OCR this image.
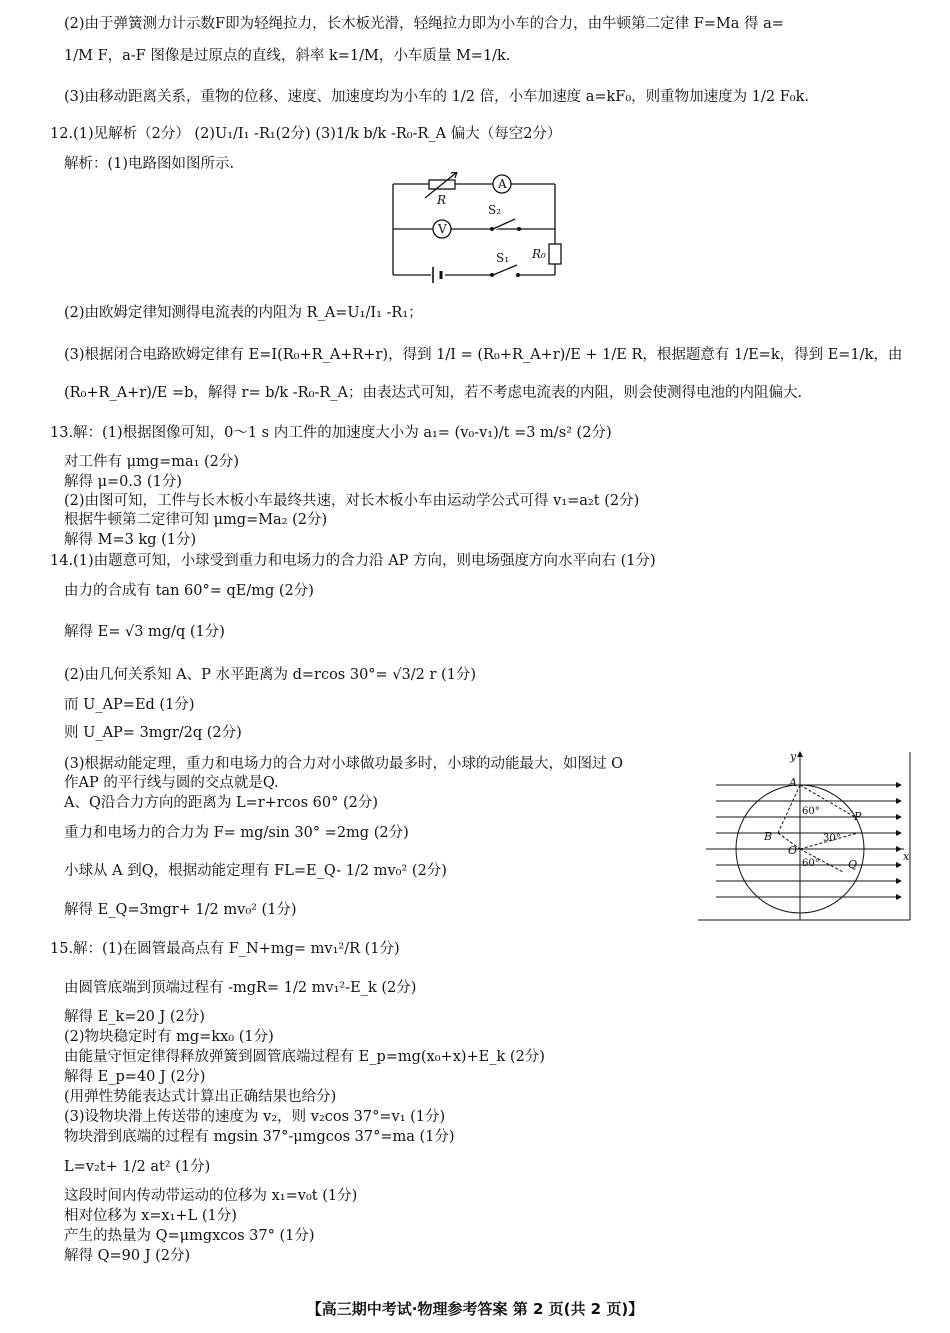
(2)由于弹簧测力计示数F即为轻绳拉力，长木板光滑，轻绳拉力即为小车的合力，由牛顿第二定律 F=Ma 得 a=
1/M F，a-F 图像是过原点的直线，斜率 k=1/M，小车质量 M=1/k.
(3)由移动距离关系，重物的位移、速度、加速度均为小车的 1/2 倍，小车加速度 a=kF₀，则重物加速度为 1/2 F₀k.
12.(1)见解析（2分） (2)U₁/I₁ -R₁(2分) (3)1/k b/k -R₀-R_A 偏大（每空2分）
解析：(1)电路图如图所示.
R
A
V
S₂
S₁ R₀
(2)由欧姆定律知测得电流表的内阻为 R_A=U₁/I₁ -R₁；
(3)根据闭合电路欧姆定律有 E=I(R₀+R_A+R+r)，得到 1/I = (R₀+R_A+r)/E + 1/E R，根据题意有 1/E=k，得到 E=1/k，由
(R₀+R_A+r)/E =b，解得 r= b/k -R₀-R_A；由表达式可知，若不考虑电流表的内阻，则会使测得电池的内阻偏大.
13.解：(1)根据图像可知，0～1 s 内工件的加速度大小为 a₁= (v₀-v₁)/t =3 m/s² (2分)
对工件有 μmg=ma₁ (2分)
解得 μ=0.3 (1分)
(2)由图可知，工件与长木板小车最终共速，对长木板小车由运动学公式可得 v₁=a₂t (2分)
根据牛顿第二定律可知 μmg=Ma₂ (2分)
解得 M=3 kg (1分)
14.(1)由题意可知，小球受到重力和电场力的合力沿 AP 方向，则电场强度方向水平向右 (1分)
由力的合成有 tan 60°= qE/mg (2分)
解得 E= √3 mg/q (1分)
(2)由几何关系知 A、P 水平距离为 d=rcos 30°= √3/2 r (1分)
而 U_AP=Ed (1分)
则 U_AP= 3mgr/2q (2分)
(3)根据动能定理，重力和电场力的合力对小球做功最多时，小球的动能最大，如图过 O
作AP 的平行线与圆的交点就是Q.
A、Q沿合力方向的距离为 L=r+rcos 60° (2分)
重力和电场力的合力为 F= mg/sin 30° =2mg (2分)
小球从 A 到Q，根据动能定理有 FL=E_Q- 1/2 mv₀² (2分)
解得 E_Q=3mgr+ 1/2 mv₀² (1分)
y
x
A
P
B
O
Q
60°
30°
60°
15.解：(1)在圆管最高点有 F_N+mg= mv₁²/R (1分)
由圆管底端到顶端过程有 -mgR= 1/2 mv₁²-E_k (2分)
解得 E_k=20 J (2分)
(2)物块稳定时有 mg=kx₀ (1分)
由能量守恒定律得释放弹簧到圆管底端过程有 E_p=mg(x₀+x)+E_k (2分)
解得 E_p=40 J (2分)
(用弹性势能表达式计算出正确结果也给分)
(3)设物块滑上传送带的速度为 v₂，则 v₂cos 37°=v₁ (1分)
物块滑到底端的过程有 mgsin 37°-μmgcos 37°=ma (1分)
L=v₂t+ 1/2 at² (1分)
这段时间内传动带运动的位移为 x₁=v₀t (1分)
相对位移为 x=x₁+L (1分)
产生的热量为 Q=μmgxcos 37° (1分)
解得 Q=90 J (2分)
【高三期中考试·物理参考答案 第 2 页(共 2 页)】
